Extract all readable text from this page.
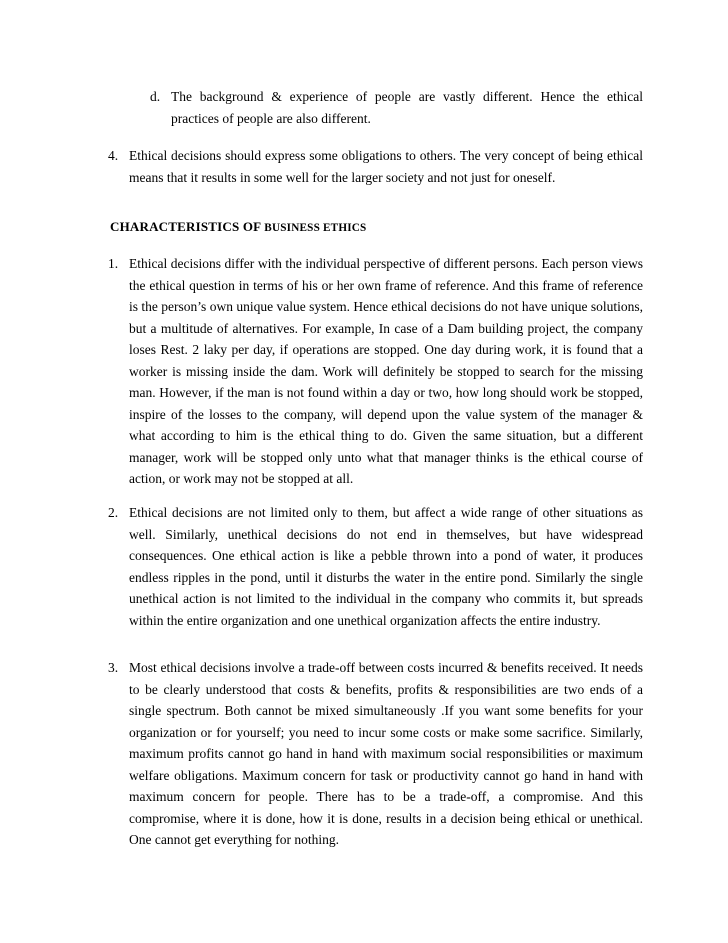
d. The background & experience of people are vastly different. Hence the ethical practices of people are also different.
4. Ethical decisions should express some obligations to others. The very concept of being ethical means that it results in some well for the larger society and not just for oneself.
CHARACTERISTICS OF BUSINESS ETHICS
1. Ethical decisions differ with the individual perspective of different persons. Each person views the ethical question in terms of his or her own frame of reference. And this frame of reference is the person’s own unique value system. Hence ethical decisions do not have unique solutions, but a multitude of alternatives. For example, In case of a Dam building project, the company loses Rest. 2 laky per day, if operations are stopped. One day during work, it is found that a worker is missing inside the dam. Work will definitely be stopped to search for the missing man. However, if the man is not found within a day or two, how long should work be stopped, inspire of the losses to the company, will depend upon the value system of the manager & what according to him is the ethical thing to do. Given the same situation, but a different manager, work will be stopped only unto what that manager thinks is the ethical course of action, or work may not be stopped at all.
2. Ethical decisions are not limited only to them, but affect a wide range of other situations as well. Similarly, unethical decisions do not end in themselves, but have widespread consequences. One ethical action is like a pebble thrown into a pond of water, it produces endless ripples in the pond, until it disturbs the water in the entire pond. Similarly the single unethical action is not limited to the individual in the company who commits it, but spreads within the entire organization and one unethical organization affects the entire industry.
3. Most ethical decisions involve a trade-off between costs incurred & benefits received. It needs to be clearly understood that costs & benefits, profits & responsibilities are two ends of a single spectrum. Both cannot be mixed simultaneously .If you want some benefits for your organization or for yourself; you need to incur some costs or make some sacrifice. Similarly, maximum profits cannot go hand in hand with maximum social responsibilities or maximum welfare obligations. Maximum concern for task or productivity cannot go hand in hand with maximum concern for people. There has to be a trade-off, a compromise. And this compromise, where it is done, how it is done, results in a decision being ethical or unethical. One cannot get everything for nothing.
